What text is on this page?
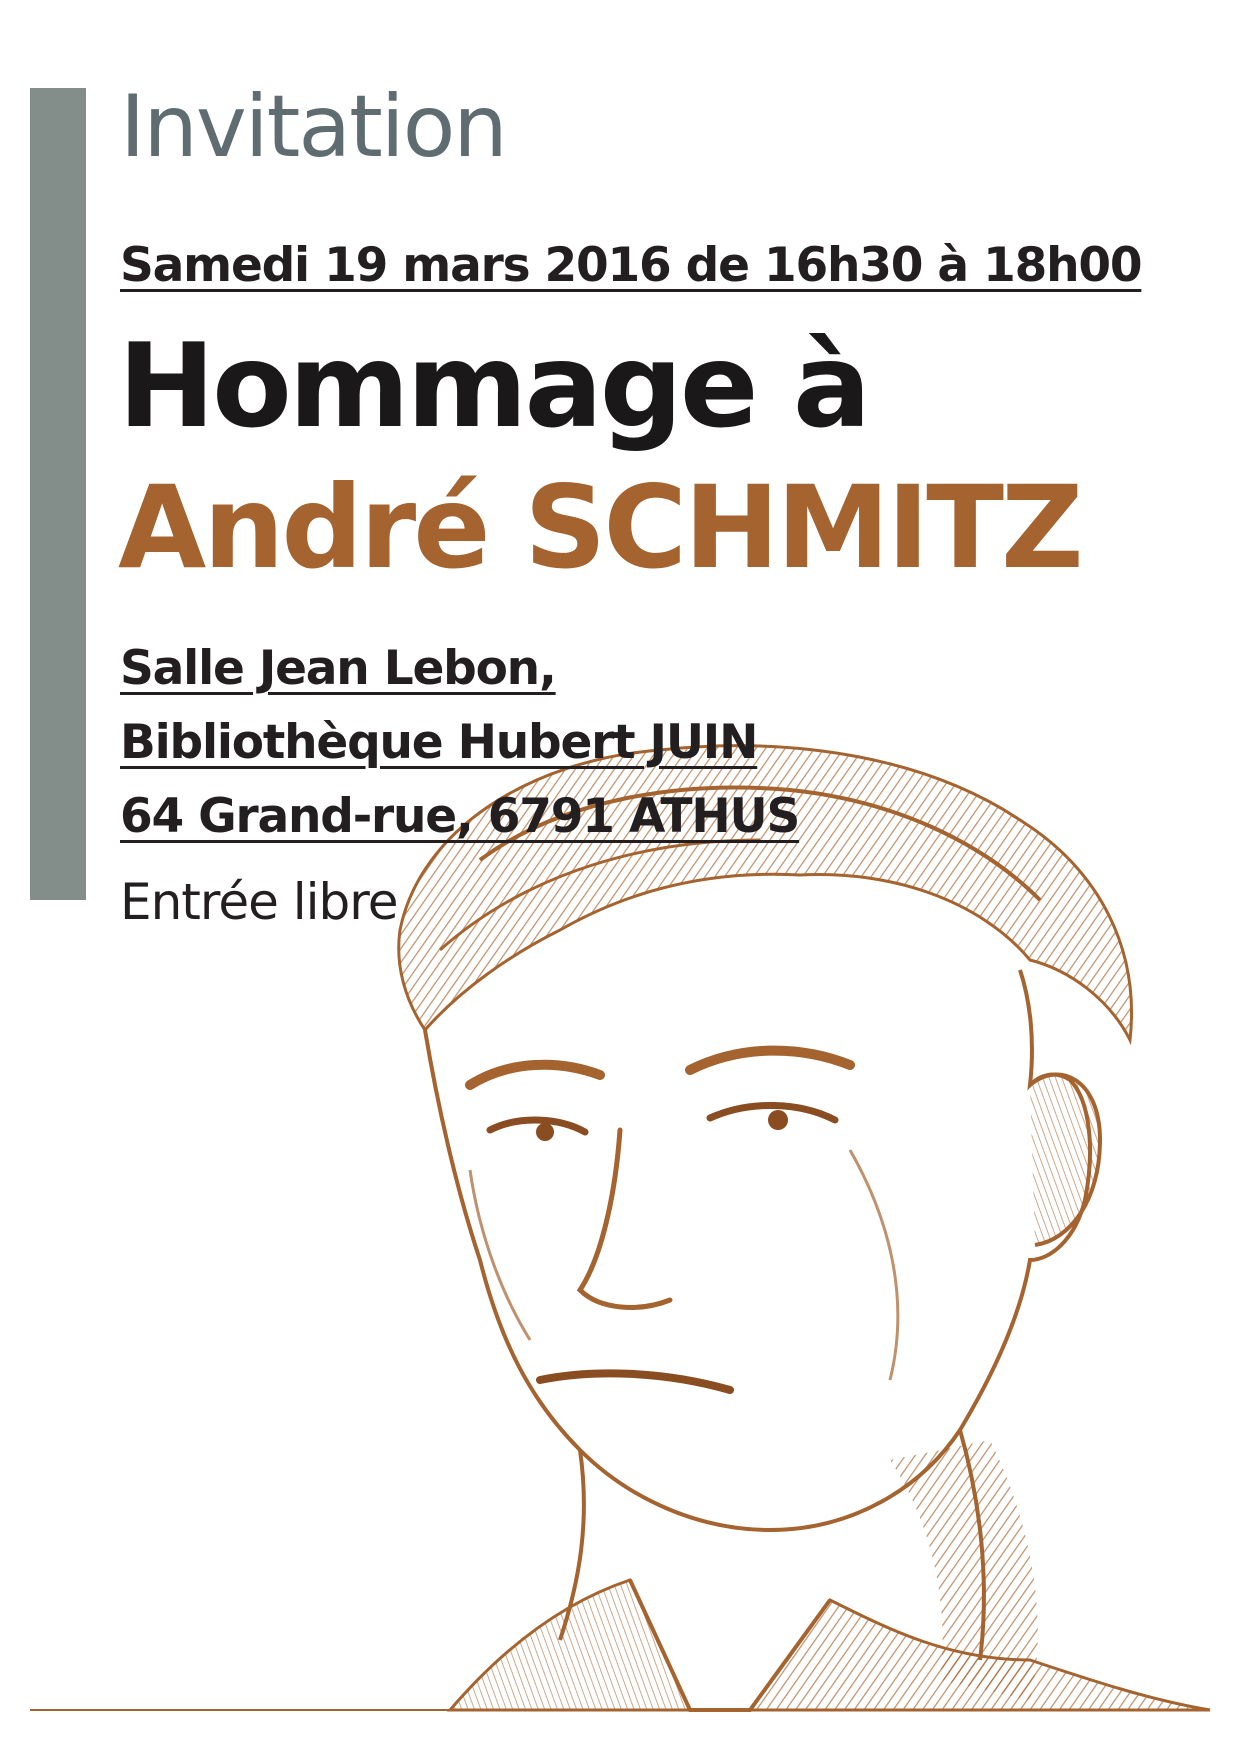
Invitation
Samedi 19 mars 2016 de 16h30 à 18h00
Hommage à
André SCHMITZ
Salle Jean Lebon,
Bibliothèque Hubert JUIN
64 Grand-rue, 6791 ATHUS
Entrée libre
